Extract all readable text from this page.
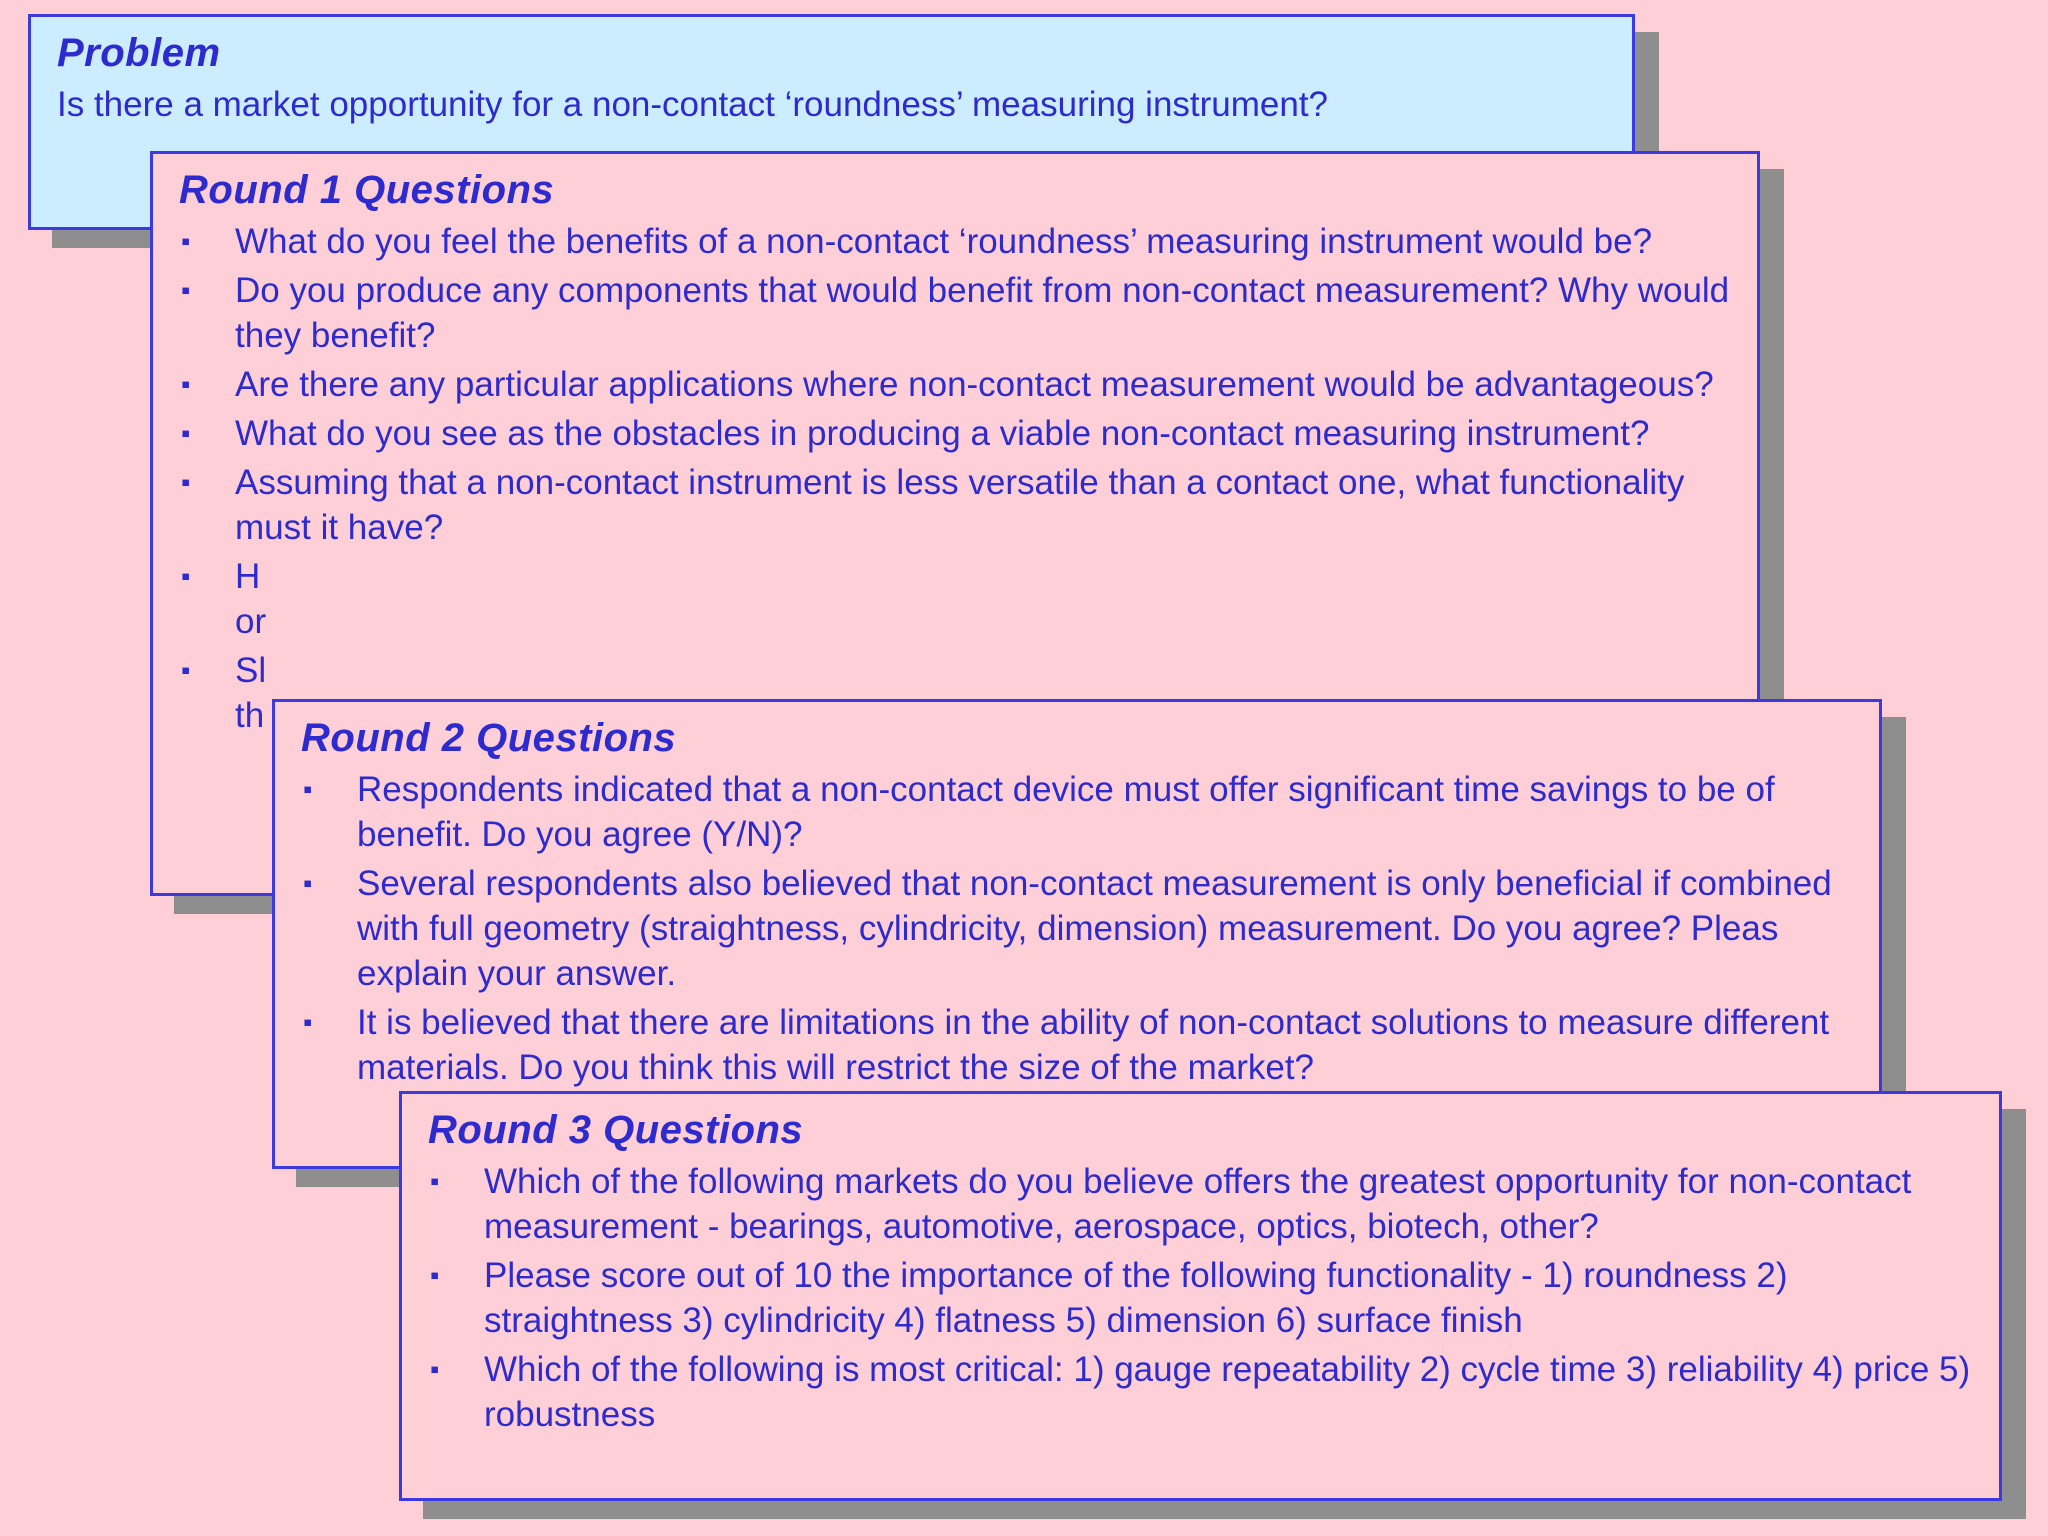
Problem

Is there a market opportunity for a non-contact ‘roundness’ measuring instrument?

Round 1 Questions
▪ What do you feel the benefits of a non-contact ‘roundness’ measuring instrument would be?
▪ Do you produce any components that would benefit from non-contact measurement? Why would they benefit?
▪ Are there any particular applications where non-contact measurement would be advantageous?
▪ What do you see as the obstacles in producing a viable non-contact measuring instrument?
▪ Assuming that a non-contact instrument is less versatile than a contact one, what functionality must it have?
▪ H
or
▪ Sl
th
Round 2 Questions
▪ Respondents indicated that a non-contact device must offer significant time savings to be of benefit. Do you agree (Y/N)?
▪ Several respondents also believed that non-contact measurement is only beneficial if combined with full geometry (straightness, cylindricity, dimension) measurement. Do you agree? Pleas explain your answer.
▪ It is believed that there are limitations in the ability of non-contact solutions to measure different materials. Do you think this will restrict the size of the market?
Round 3 Questions
▪ Which of the following markets do you believe offers the greatest opportunity for non-contact measurement - bearings, automotive, aerospace, optics, biotech, other?
▪ Please score out of 10 the importance of the following functionality - 1) roundness 2) straightness 3) cylindricity 4) flatness 5) dimension 6) surface finish
▪ Which of the following is most critical: 1) gauge repeatability 2) cycle time 3) reliability 4) price 5) robustness
